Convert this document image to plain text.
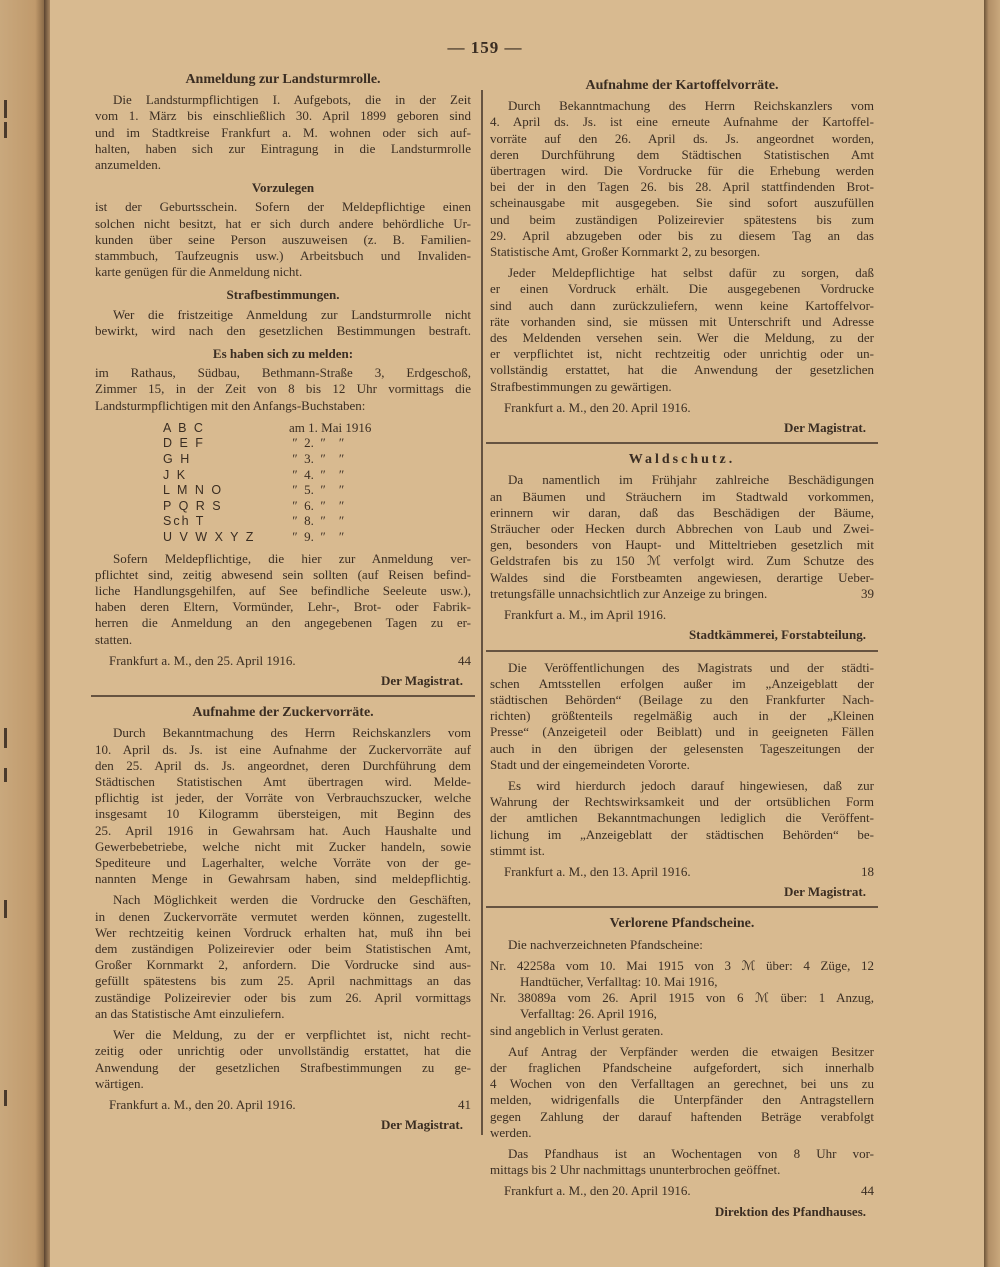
— 159 —
Anmeldung zur Landsturmrolle.
Die Landsturmpflichtigen I. Aufgebots, die in der Zeit
vom 1. März bis einschließlich 30. April 1899 geboren sind
und im Stadtkreise Frankfurt a. M. wohnen oder sich auf-
halten, haben sich zur Eintragung in die Landsturmrolle
anzumelden.
Vorzulegen
ist der Geburtsschein. Sofern der Meldepflichtige einen
solchen nicht besitzt, hat er sich durch andere behördliche Ur-
kunden über seine Person auszuweisen (z. B. Familien-
stammbuch, Taufzeugnis usw.) Arbeitsbuch und Invaliden-
karte genügen für die Anmeldung nicht.
Strafbestimmungen.
Wer die fristzeitige Anmeldung zur Landsturmrolle nicht
bewirkt, wird nach den gesetzlichen Bestimmungen bestraft.
Es haben sich zu melden:
im Rathaus, Südbau, Bethmann-Straße 3, Erdgeschoß,
Zimmer 15, in der Zeit von 8 bis 12 Uhr vormittags die
Landsturmpflichtigen mit den Anfangs-Buchstaben:
A B C	am 1. Mai 1916
D E F	″  2.  ″    ″
G H	″  3.  ″    ″
J K	″  4.  ″    ″
L M N O	″  5.  ″    ″
P Q R S	″  6.  ″    ″
Sch T	″  8.  ″    ″
U V W X Y Z	″  9.  ″    ″
Sofern Meldepflichtige, die hier zur Anmeldung ver-
pflichtet sind, zeitig abwesend sein sollten (auf Reisen befind-
liche Handlungsgehilfen, auf See befindliche Seeleute usw.),
haben deren Eltern, Vormünder, Lehr-, Brot- oder Fabrik-
herren die Anmeldung an den angegebenen Tagen zu er-
statten.
Frankfurt a. M., den 25. April 1916.	44
Der Magistrat.
Aufnahme der Zuckervorräte.
Durch Bekanntmachung des Herrn Reichskanzlers vom
10. April ds. Js. ist eine Aufnahme der Zuckervorräte auf
den 25. April ds. Js. angeordnet, deren Durchführung dem
Städtischen Statistischen Amt übertragen wird. Melde-
pflichtig ist jeder, der Vorräte von Verbrauchszucker, welche
insgesamt 10 Kilogramm übersteigen, mit Beginn des
25. April 1916 in Gewahrsam hat. Auch Haushalte und
Gewerbebetriebe, welche nicht mit Zucker handeln, sowie
Spediteure und Lagerhalter, welche Vorräte von der ge-
nannten Menge in Gewahrsam haben, sind meldepflichtig.
Nach Möglichkeit werden die Vordrucke den Geschäften,
in denen Zuckervorräte vermutet werden können, zugestellt.
Wer rechtzeitig keinen Vordruck erhalten hat, muß ihn bei
dem zuständigen Polizeirevier oder beim Statistischen Amt,
Großer Kornmarkt 2, anfordern. Die Vordrucke sind aus-
gefüllt spätestens bis zum 25. April nachmittags an das
zuständige Polizeirevier oder bis zum 26. April vormittags
an das Statistische Amt einzuliefern.
Wer die Meldung, zu der er verpflichtet ist, nicht recht-
zeitig oder unrichtig oder unvollständig erstattet, hat die
Anwendung der gesetzlichen Strafbestimmungen zu ge-
wärtigen.
Frankfurt a. M., den 20. April 1916.	41
Der Magistrat.
Aufnahme der Kartoffelvorräte.
Durch Bekanntmachung des Herrn Reichskanzlers vom
4. April ds. Js. ist eine erneute Aufnahme der Kartoffel-
vorräte auf den 26. April ds. Js. angeordnet worden,
deren Durchführung dem Städtischen Statistischen Amt
übertragen wird. Die Vordrucke für die Erhebung werden
bei der in den Tagen 26. bis 28. April stattfindenden Brot-
scheinausgabe mit ausgegeben. Sie sind sofort auszufüllen
und beim zuständigen Polizeirevier spätestens bis zum
29. April abzugeben oder bis zu diesem Tag an das
Statistische Amt, Großer Kornmarkt 2, zu besorgen.
Jeder Meldepflichtige hat selbst dafür zu sorgen, daß
er einen Vordruck erhält. Die ausgegebenen Vordrucke
sind auch dann zurückzuliefern, wenn keine Kartoffelvor-
räte vorhanden sind, sie müssen mit Unterschrift und Adresse
des Meldenden versehen sein. Wer die Meldung, zu der
er verpflichtet ist, nicht rechtzeitig oder unrichtig oder un-
vollständig erstattet, hat die Anwendung der gesetzlichen
Strafbestimmungen zu gewärtigen.
Frankfurt a. M., den 20. April 1916.
Der Magistrat.
Waldschutz.
Da namentlich im Frühjahr zahlreiche Beschädigungen
an Bäumen und Sträuchern im Stadtwald vorkommen,
erinnern wir daran, daß das Beschädigen der Bäume,
Sträucher oder Hecken durch Abbrechen von Laub und Zwei-
gen, besonders von Haupt- und Mitteltrieben gesetzlich mit
Geldstrafen bis zu 150 ℳ verfolgt wird. Zum Schutze des
Waldes sind die Forstbeamten angewiesen, derartige Ueber-
tretungsfälle unnachsichtlich zur Anzeige zu bringen.	39
Frankfurt a. M., im April 1916.
Stadtkämmerei, Forstabteilung.
Die Veröffentlichungen des Magistrats und der städti-
schen Amtsstellen erfolgen außer im „Anzeigeblatt der
städtischen Behörden“ (Beilage zu den Frankfurter Nach-
richten) größtenteils regelmäßig auch in der „Kleinen
Presse“ (Anzeigeteil oder Beiblatt) und in geeigneten Fällen
auch in den übrigen der gelesensten Tageszeitungen der
Stadt und der eingemeindeten Vororte.
Es wird hierdurch jedoch darauf hingewiesen, daß zur
Wahrung der Rechtswirksamkeit und der ortsüblichen Form
der amtlichen Bekanntmachungen lediglich die Veröffent-
lichung im „Anzeigeblatt der städtischen Behörden“ be-
stimmt ist.
Frankfurt a. M., den 13. April 1916.	18
Der Magistrat.
Verlorene Pfandscheine.
Die nachverzeichneten Pfandscheine:
Nr. 42258a vom 10. Mai 1915 von 3 ℳ über: 4 Züge, 12
Handtücher, Verfalltag: 10. Mai 1916,
Nr. 38089a vom 26. April 1915 von 6 ℳ über: 1 Anzug,
Verfalltag: 26. April 1916,
sind angeblich in Verlust geraten.
Auf Antrag der Verpfänder werden die etwaigen Besitzer
der fraglichen Pfandscheine aufgefordert, sich innerhalb
4 Wochen von den Verfalltagen an gerechnet, bei uns zu
melden, widrigenfalls die Unterpfänder den Antragstellern
gegen Zahlung der darauf haftenden Beträge verabfolgt
werden.
Das Pfandhaus ist an Wochentagen von 8 Uhr vor-
mittags bis 2 Uhr nachmittags ununterbrochen geöffnet.
Frankfurt a. M., den 20. April 1916.	44
Direktion des Pfandhauses.
